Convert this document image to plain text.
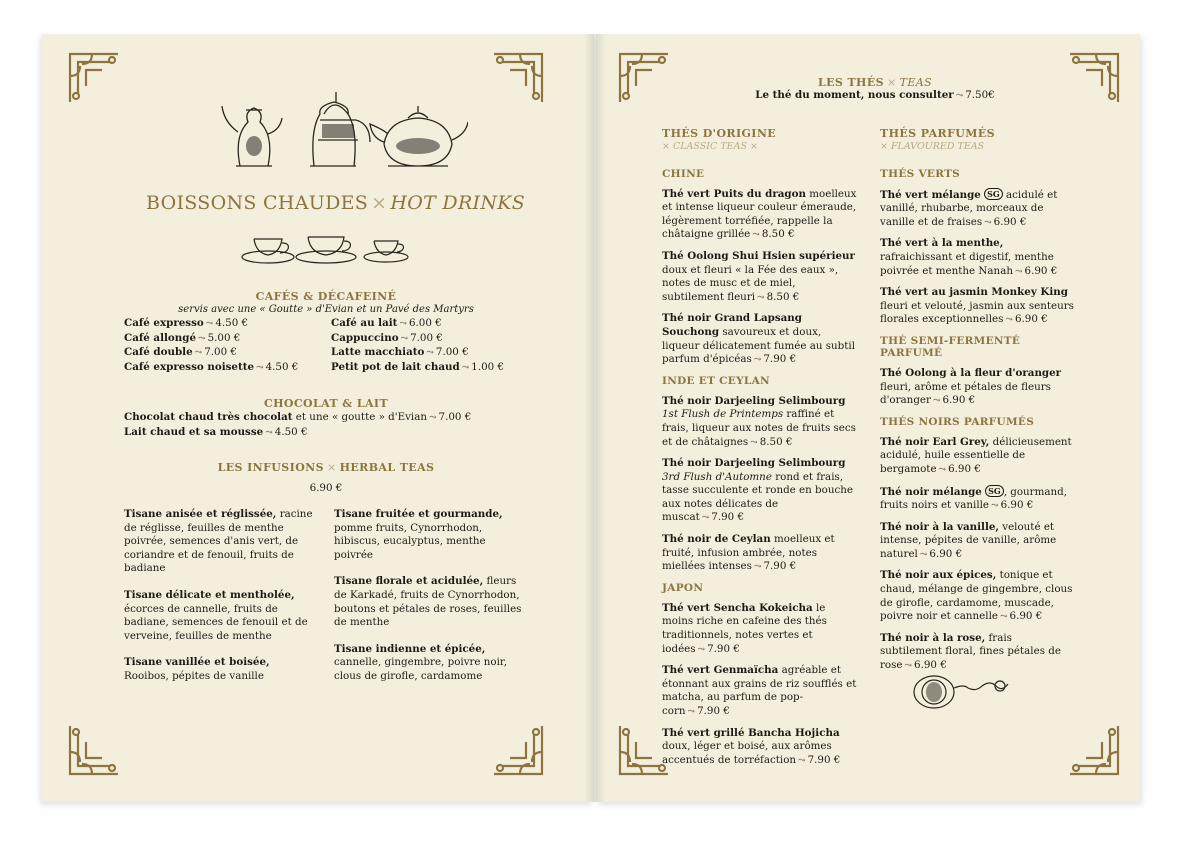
BOISSONS CHAUDES × HOT DRINKS
CAFÉS & DÉCAFEINÉ
servis avec une « Goutte » d'Evian et un Pavé des Martyrs
Café expresso ⤳ 4.50 €	Café au lait ⤳ 6.00 €
Café allongé ⤳ 5.00 €	Cappuccino ⤳ 7.00 €
Café double ⤳ 7.00 €	Latte macchiato ⤳ 7.00 €
Café expresso noisette ⤳ 4.50 €	Petit pot de lait chaud ⤳ 1.00 €
CHOCOLAT & LAIT
Chocolat chaud très chocolat et une « goutte » d'Evian ⤳ 7.00 €
Lait chaud et sa mousse ⤳ 4.50 €
LES INFUSIONS × HERBAL TEAS
6.90 €

Tisane anisée et réglissée, racine de réglisse, feuilles de menthe poivrée, semences d'anis vert, de coriandre et de fenouil, fruits de badiane

Tisane délicate et mentholée, écorces de cannelle, fruits de badiane, semences de fenouil et de verveine, feuilles de menthe

Tisane vanillée et boisée, Rooibos, pépites de vanille

Tisane fruitée et gourmande, pomme fruits, Cynorrhodon, hibiscus, eucalyptus, menthe poivrée

Tisane florale et acidulée, fleurs de Karkadé, fruits de Cynorrhodon, boutons et pétales de roses, feuilles de menthe

Tisane indienne et épicée, cannelle, gingembre, poivre noir, clous de girofle, cardamome

LES THÉS × TEAS
Le thé du moment, nous consulter ⤳ 7.50€
THÉS D'ORIGINE
× CLASSIC TEAS ×
CHINE

Thé vert Puits du dragon moelleux et intense liqueur couleur émeraude, légèrement torréfiée, rappelle la châtaigne grillée ⤳ 8.50 €

Thé Oolong Shui Hsien supérieur doux et fleuri « la Fée des eaux », notes de musc et de miel, subtilement fleuri ⤳ 8.50 €

Thé noir Grand Lapsang Souchong savoureux et doux, liqueur délicatement fumée au subtil parfum d'épicéas ⤳ 7.90 €

INDE ET CEYLAN

Thé noir Darjeeling Selimbourg
1st Flush de Printemps raffiné et frais, liqueur aux notes de fruits secs et de châtaignes ⤳ 8.50 €

Thé noir Darjeeling Selimbourg
3rd Flush d'Automne rond et frais, tasse succulente et ronde en bouche aux notes délicates de muscat ⤳ 7.90 €

Thé noir de Ceylan moelleux et fruité, infusion ambrée, notes miellées intenses ⤳ 7.90 €

JAPON

Thé vert Sencha Kokeicha le moins riche en cafeine des thés traditionnels, notes vertes et iodées ⤳ 7.90 €

Thé vert Genmaïcha agréable et étonnant aux grains de riz soufflés et matcha, au parfum de pop-corn ⤳ 7.90 €

Thé vert grillé Bancha Hojicha doux, léger et boisé, aux arômes accentués de torréfaction ⤳ 7.90 €

THÉS PARFUMÉS
× FLAVOURED TEAS
THÉS VERTS

Thé vert mélange SG acidulé et vanillé, rhubarbe, morceaux de vanille et de fraises ⤳ 6.90 €

Thé vert à la menthe, rafraichissant et digestif, menthe poivrée et menthe Nanah ⤳ 6.90 €

Thé vert au jasmin Monkey King fleuri et velouté, jasmin aux senteurs florales exceptionnelles ⤳ 6.90 €

THÉ SEMI-FERMENTÉ PARFUMÉ

Thé Oolong à la fleur d'oranger fleuri, arôme et pétales de fleurs d'oranger ⤳ 6.90 €

THÉS NOIRS PARFUMÉS

Thé noir Earl Grey, délicieusement acidulé, huile essentielle de bergamote ⤳ 6.90 €

Thé noir mélange SG , gourmand, fruits noirs et vanille ⤳ 6.90 €

Thé noir à la vanille, velouté et intense, pépites de vanille, arôme naturel ⤳ 6.90 €

Thé noir aux épices, tonique et chaud, mélange de gingembre, clous de girofle, cardamome, muscade, poivre noir et cannelle ⤳ 6.90 €

Thé noir à la rose, frais subtilement floral, fines pétales de rose ⤳ 6.90 €
